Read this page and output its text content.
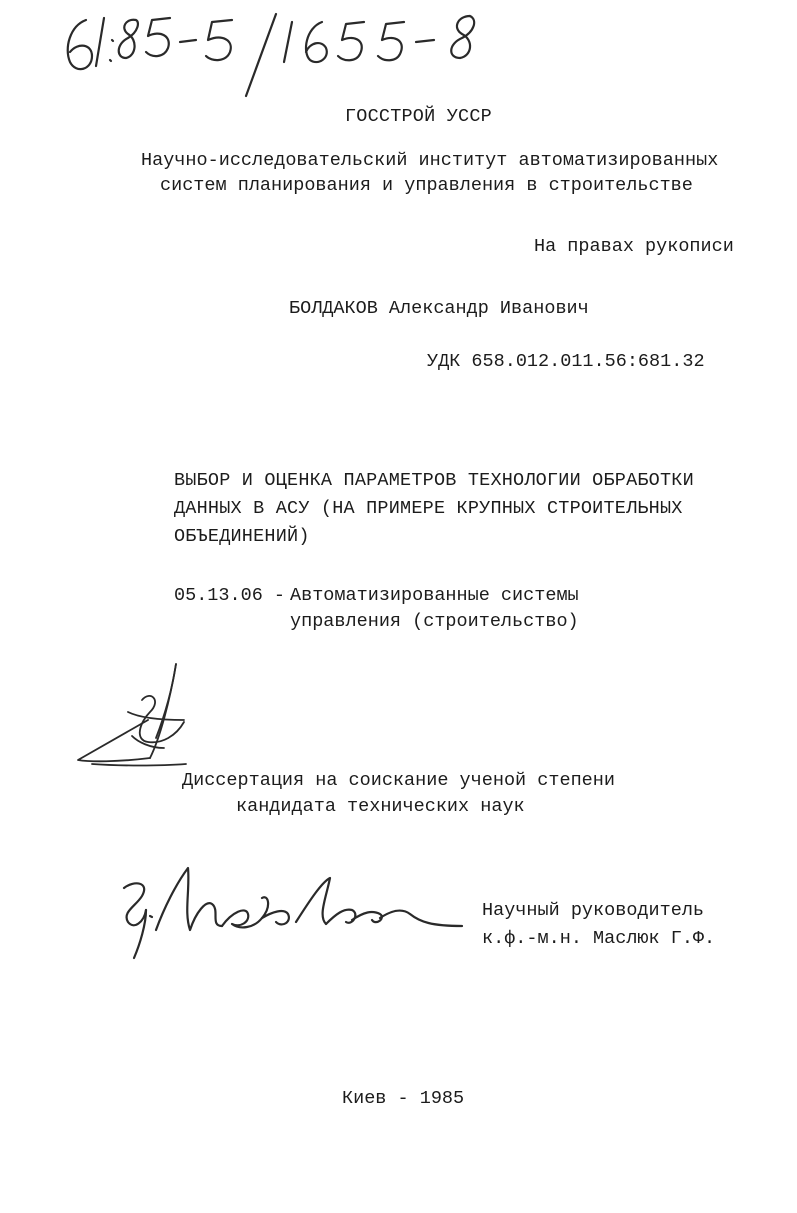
ГОССТРОЙ УССР
Научно-исследовательский институт автоматизированных
систем планирования и управления в строительстве
На правах рукописи
БОЛДАКОВ Александр Иванович
УДК 658.012.011.56:681.32
ВЫБОР И ОЦЕНКА ПАРАМЕТРОВ ТЕХНОЛОГИИ ОБРАБОТКИ
ДАННЫХ В АСУ (НА ПРИМЕРЕ КРУПНЫХ СТРОИТЕЛЬНЫХ
ОБЪЕДИНЕНИЙ)
05.13.06 - Автоматизированные системы
управления (строительство)
Диссертация на соискание ученой степени
кандидата технических наук
Научный руководитель
к.ф.-м.н. Маслюк Г.Ф.
Киев - 1985
